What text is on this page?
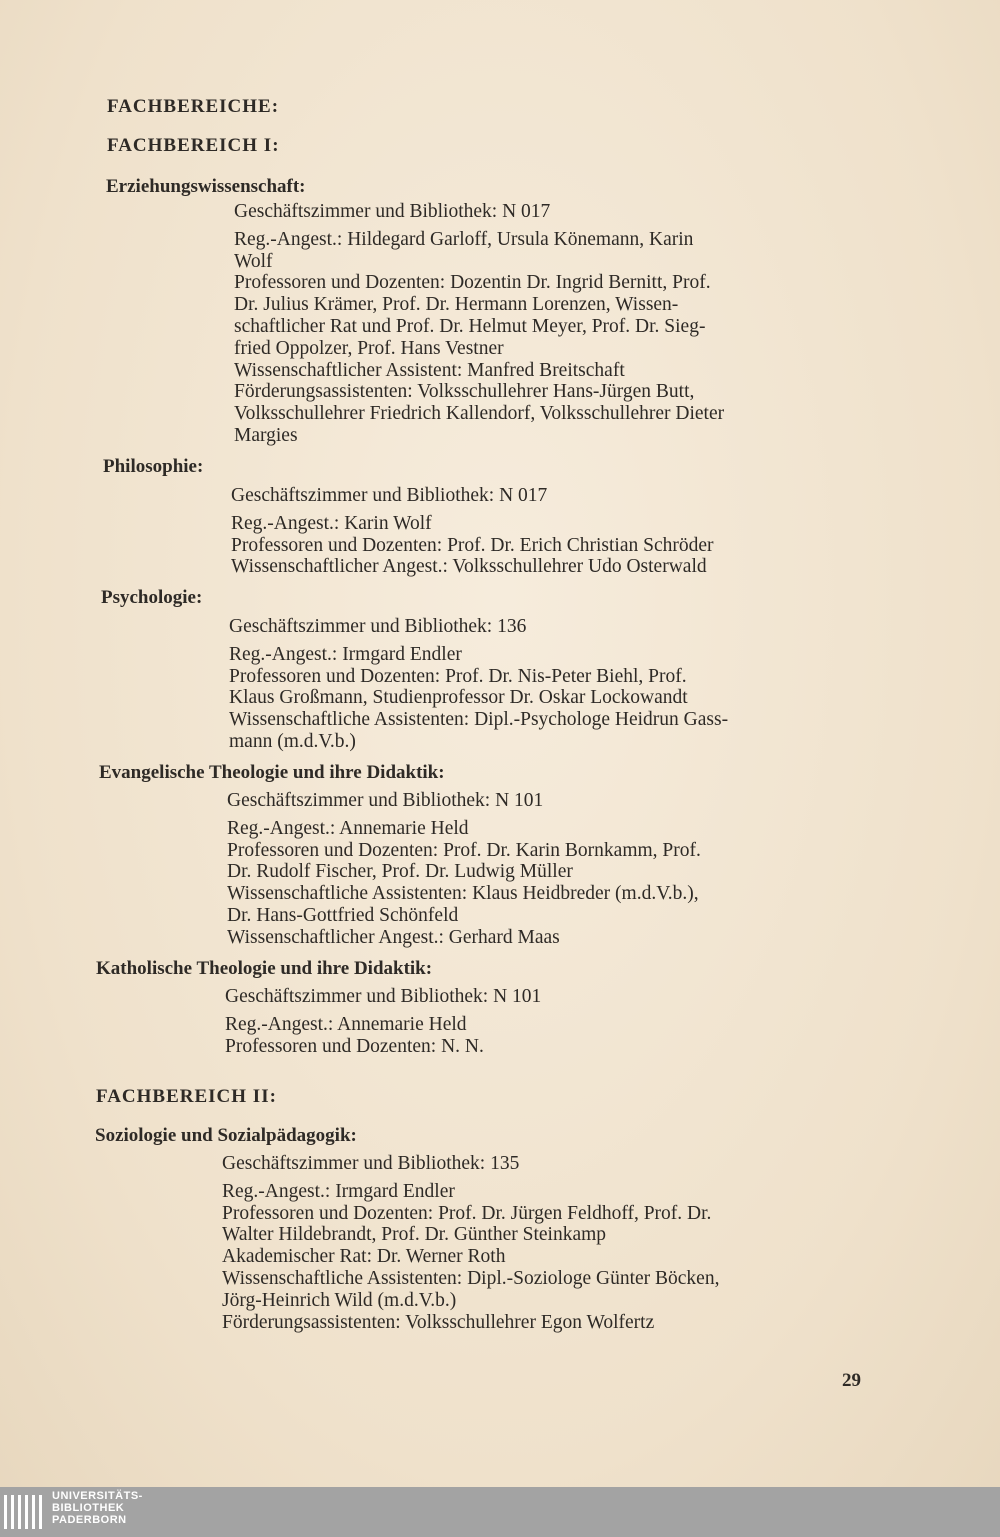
FACHBEREICHE:
FACHBEREICH I:
Erziehungswissenschaft:
Geschäftszimmer und Bibliothek: N 017
Reg.-Angest.: Hildegard Garloff, Ursula Könemann, Karin
Wolf
Professoren und Dozenten: Dozentin Dr. Ingrid Bernitt, Prof.
Dr. Julius Krämer, Prof. Dr. Hermann Lorenzen, Wissen-
schaftlicher Rat und Prof. Dr. Helmut Meyer, Prof. Dr. Sieg-
fried Oppolzer, Prof. Hans Vestner
Wissenschaftlicher Assistent: Manfred Breitschaft
Förderungsassistenten: Volksschullehrer Hans-Jürgen Butt,
Volksschullehrer Friedrich Kallendorf, Volksschullehrer Dieter
Margies
Philosophie:
Geschäftszimmer und Bibliothek: N 017
Reg.-Angest.: Karin Wolf
Professoren und Dozenten: Prof. Dr. Erich Christian Schröder
Wissenschaftlicher Angest.: Volksschullehrer Udo Osterwald
Psychologie:
Geschäftszimmer und Bibliothek: 136
Reg.-Angest.: Irmgard Endler
Professoren und Dozenten: Prof. Dr. Nis-Peter Biehl, Prof.
Klaus Großmann, Studienprofessor Dr. Oskar Lockowandt
Wissenschaftliche Assistenten: Dipl.-Psychologe Heidrun Gass-
mann (m.d.V.b.)
Evangelische Theologie und ihre Didaktik:
Geschäftszimmer und Bibliothek: N 101
Reg.-Angest.: Annemarie Held
Professoren und Dozenten: Prof. Dr. Karin Bornkamm, Prof.
Dr. Rudolf Fischer, Prof. Dr. Ludwig Müller
Wissenschaftliche Assistenten: Klaus Heidbreder (m.d.V.b.),
Dr. Hans-Gottfried Schönfeld
Wissenschaftlicher Angest.: Gerhard Maas
Katholische Theologie und ihre Didaktik:
Geschäftszimmer und Bibliothek: N 101
Reg.-Angest.: Annemarie Held
Professoren und Dozenten: N. N.
FACHBEREICH II:
Soziologie und Sozialpädagogik:
Geschäftszimmer und Bibliothek: 135
Reg.-Angest.: Irmgard Endler
Professoren und Dozenten: Prof. Dr. Jürgen Feldhoff, Prof. Dr.
Walter Hildebrandt, Prof. Dr. Günther Steinkamp
Akademischer Rat: Dr. Werner Roth
Wissenschaftliche Assistenten: Dipl.-Soziologe Günter Böcken,
Jörg-Heinrich Wild (m.d.V.b.)
Förderungsassistenten: Volksschullehrer Egon Wolfertz
29
UNIVERSITÄTS-
BIBLIOTHEK
PADERBORN
